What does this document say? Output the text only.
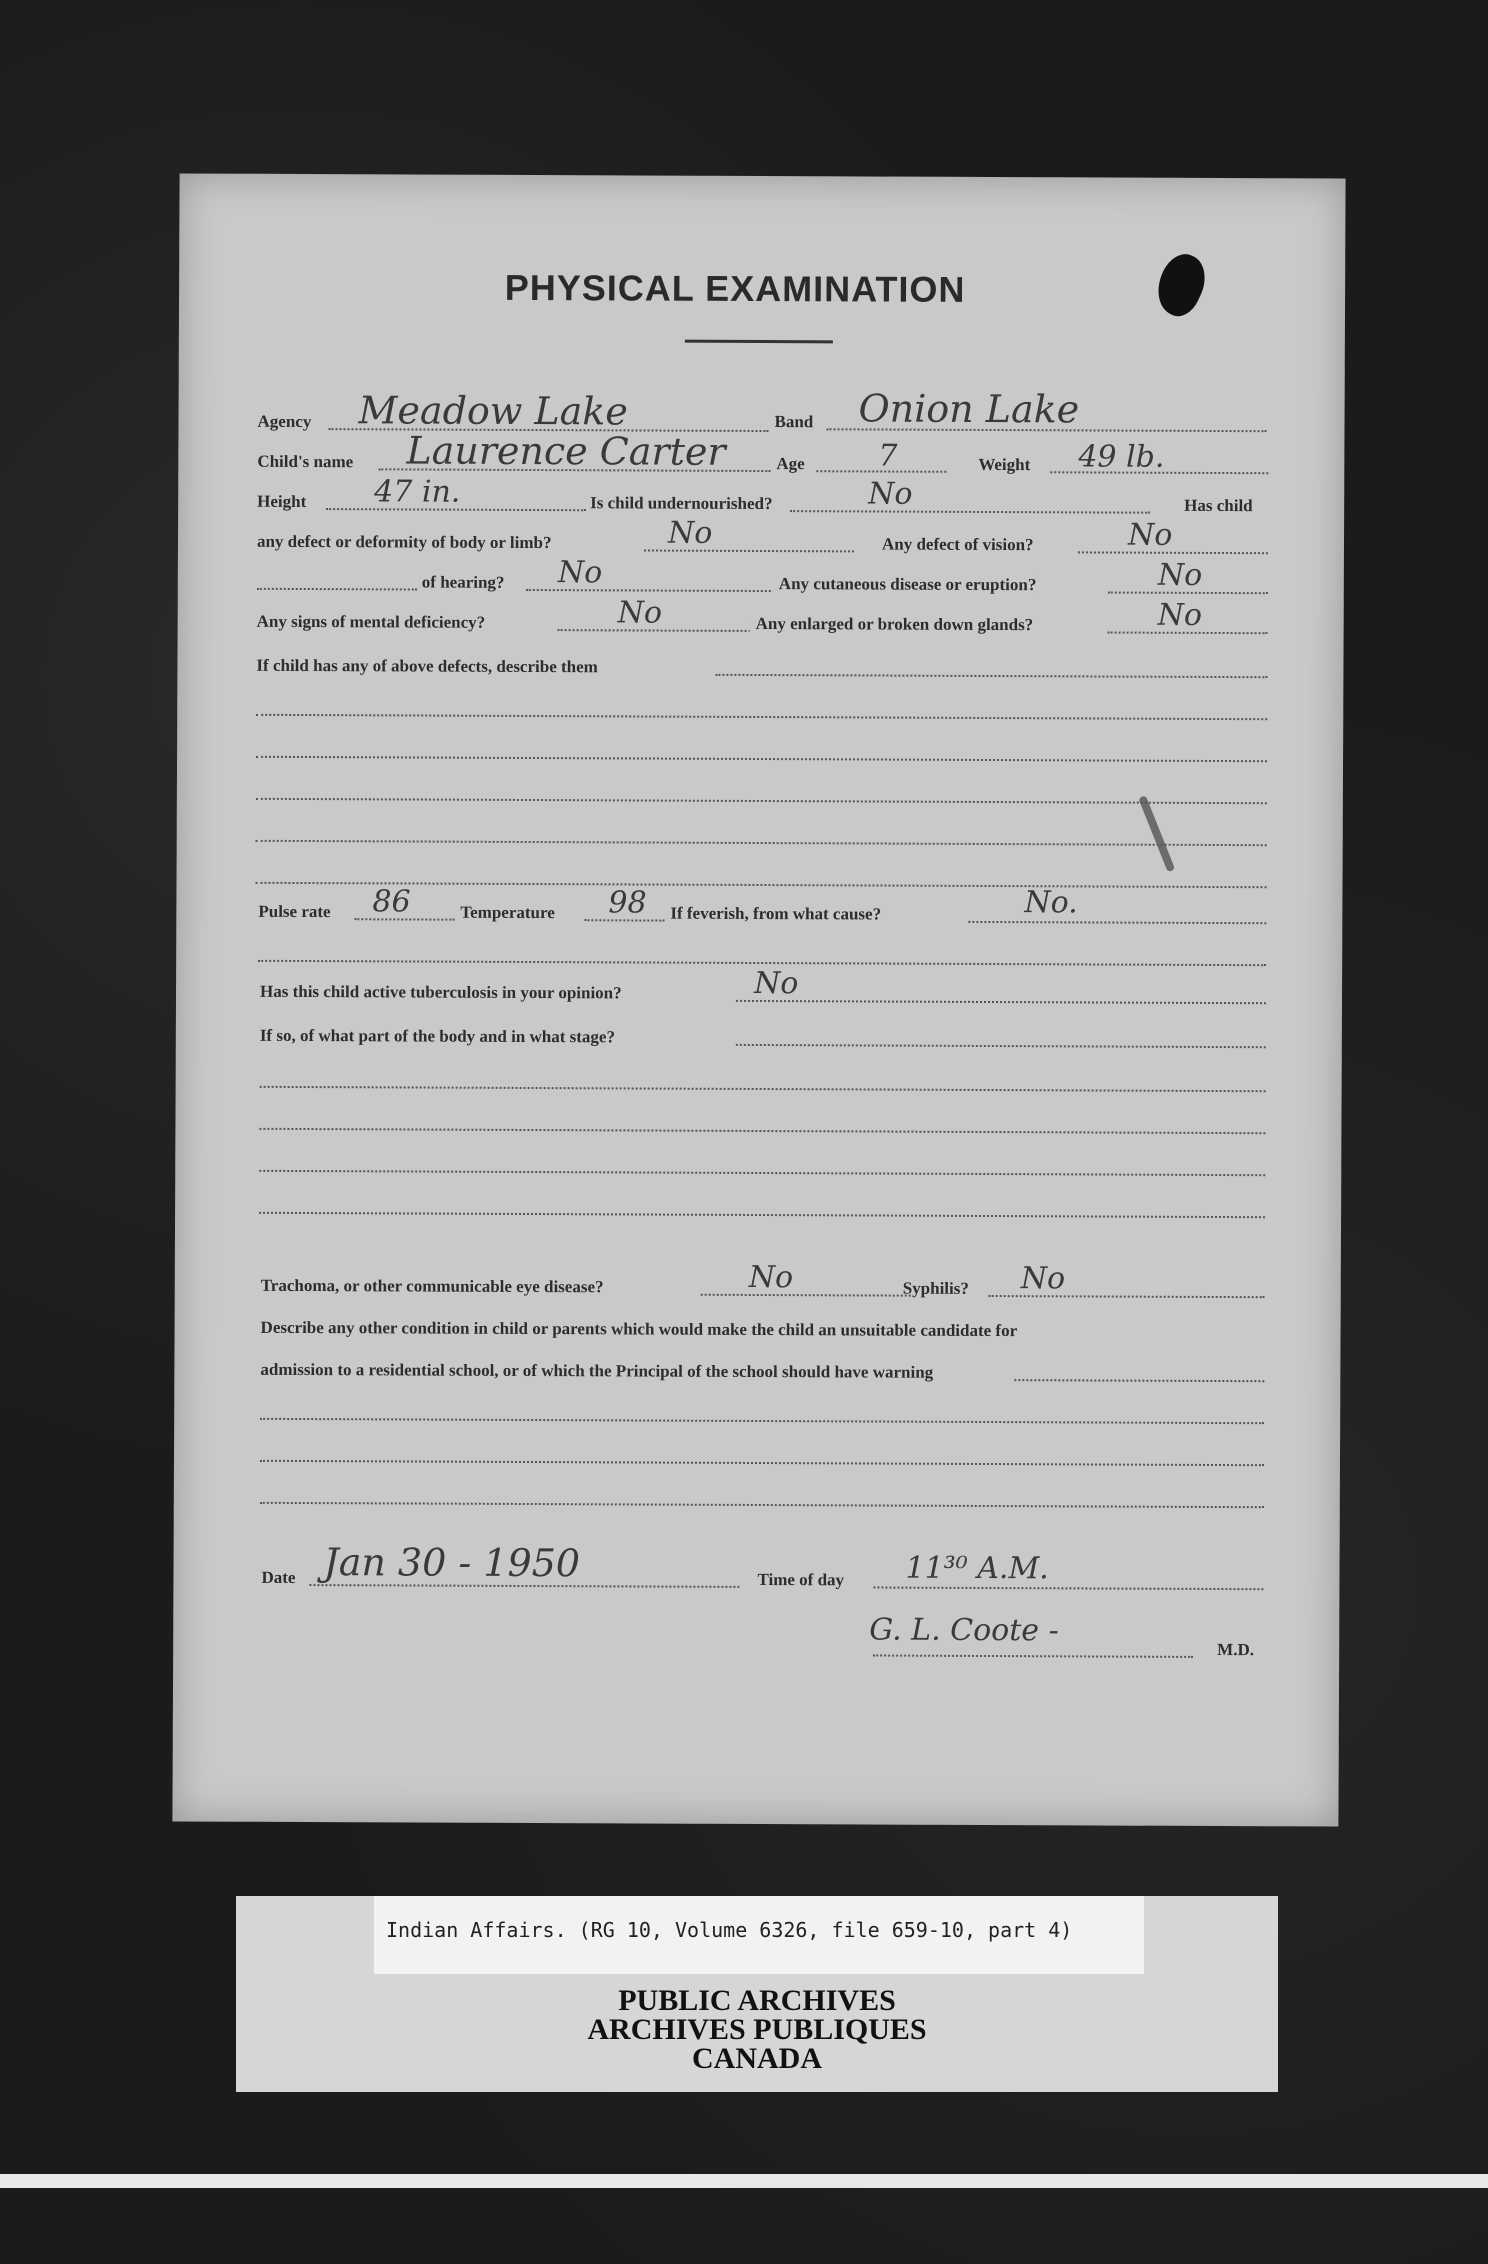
PHYSICAL EXAMINATION
Agency Meadow Lake	Band Onion Lake
Child's name Laurence Carter	Age 7	Weight 49 lb.
Height 47 in.	Is child undernourished?	No	Has child
any defect or deformity of body or limb?	No	Any defect of vision?	No
of hearing? No	Any cutaneous disease or eruption?	No
Any signs of mental deficiency?	No	Any enlarged or broken down glands?	No
If child has any of above defects, describe them
Pulse rate 86	Temperature 98 If feverish, from what cause?	No.
Has this child active tuberculosis in your opinion?	No
If so, of what part of the body and in what stage?
Trachoma, or other communicable eye disease?	No	Syphilis? No
Describe any other condition in child or parents which would make the child an unsuitable candidate for
admission to a residential school, or of which the Principal of the school should have warning
Date Jan 30 - 1950	Time of day 11³⁰ A.M.
G. L. Coote -
M.D.
Indian Affairs. (RG 10, Volume 6326, file 659-10, part 4)
PUBLIC ARCHIVES
ARCHIVES PUBLIQUES
CANADA
